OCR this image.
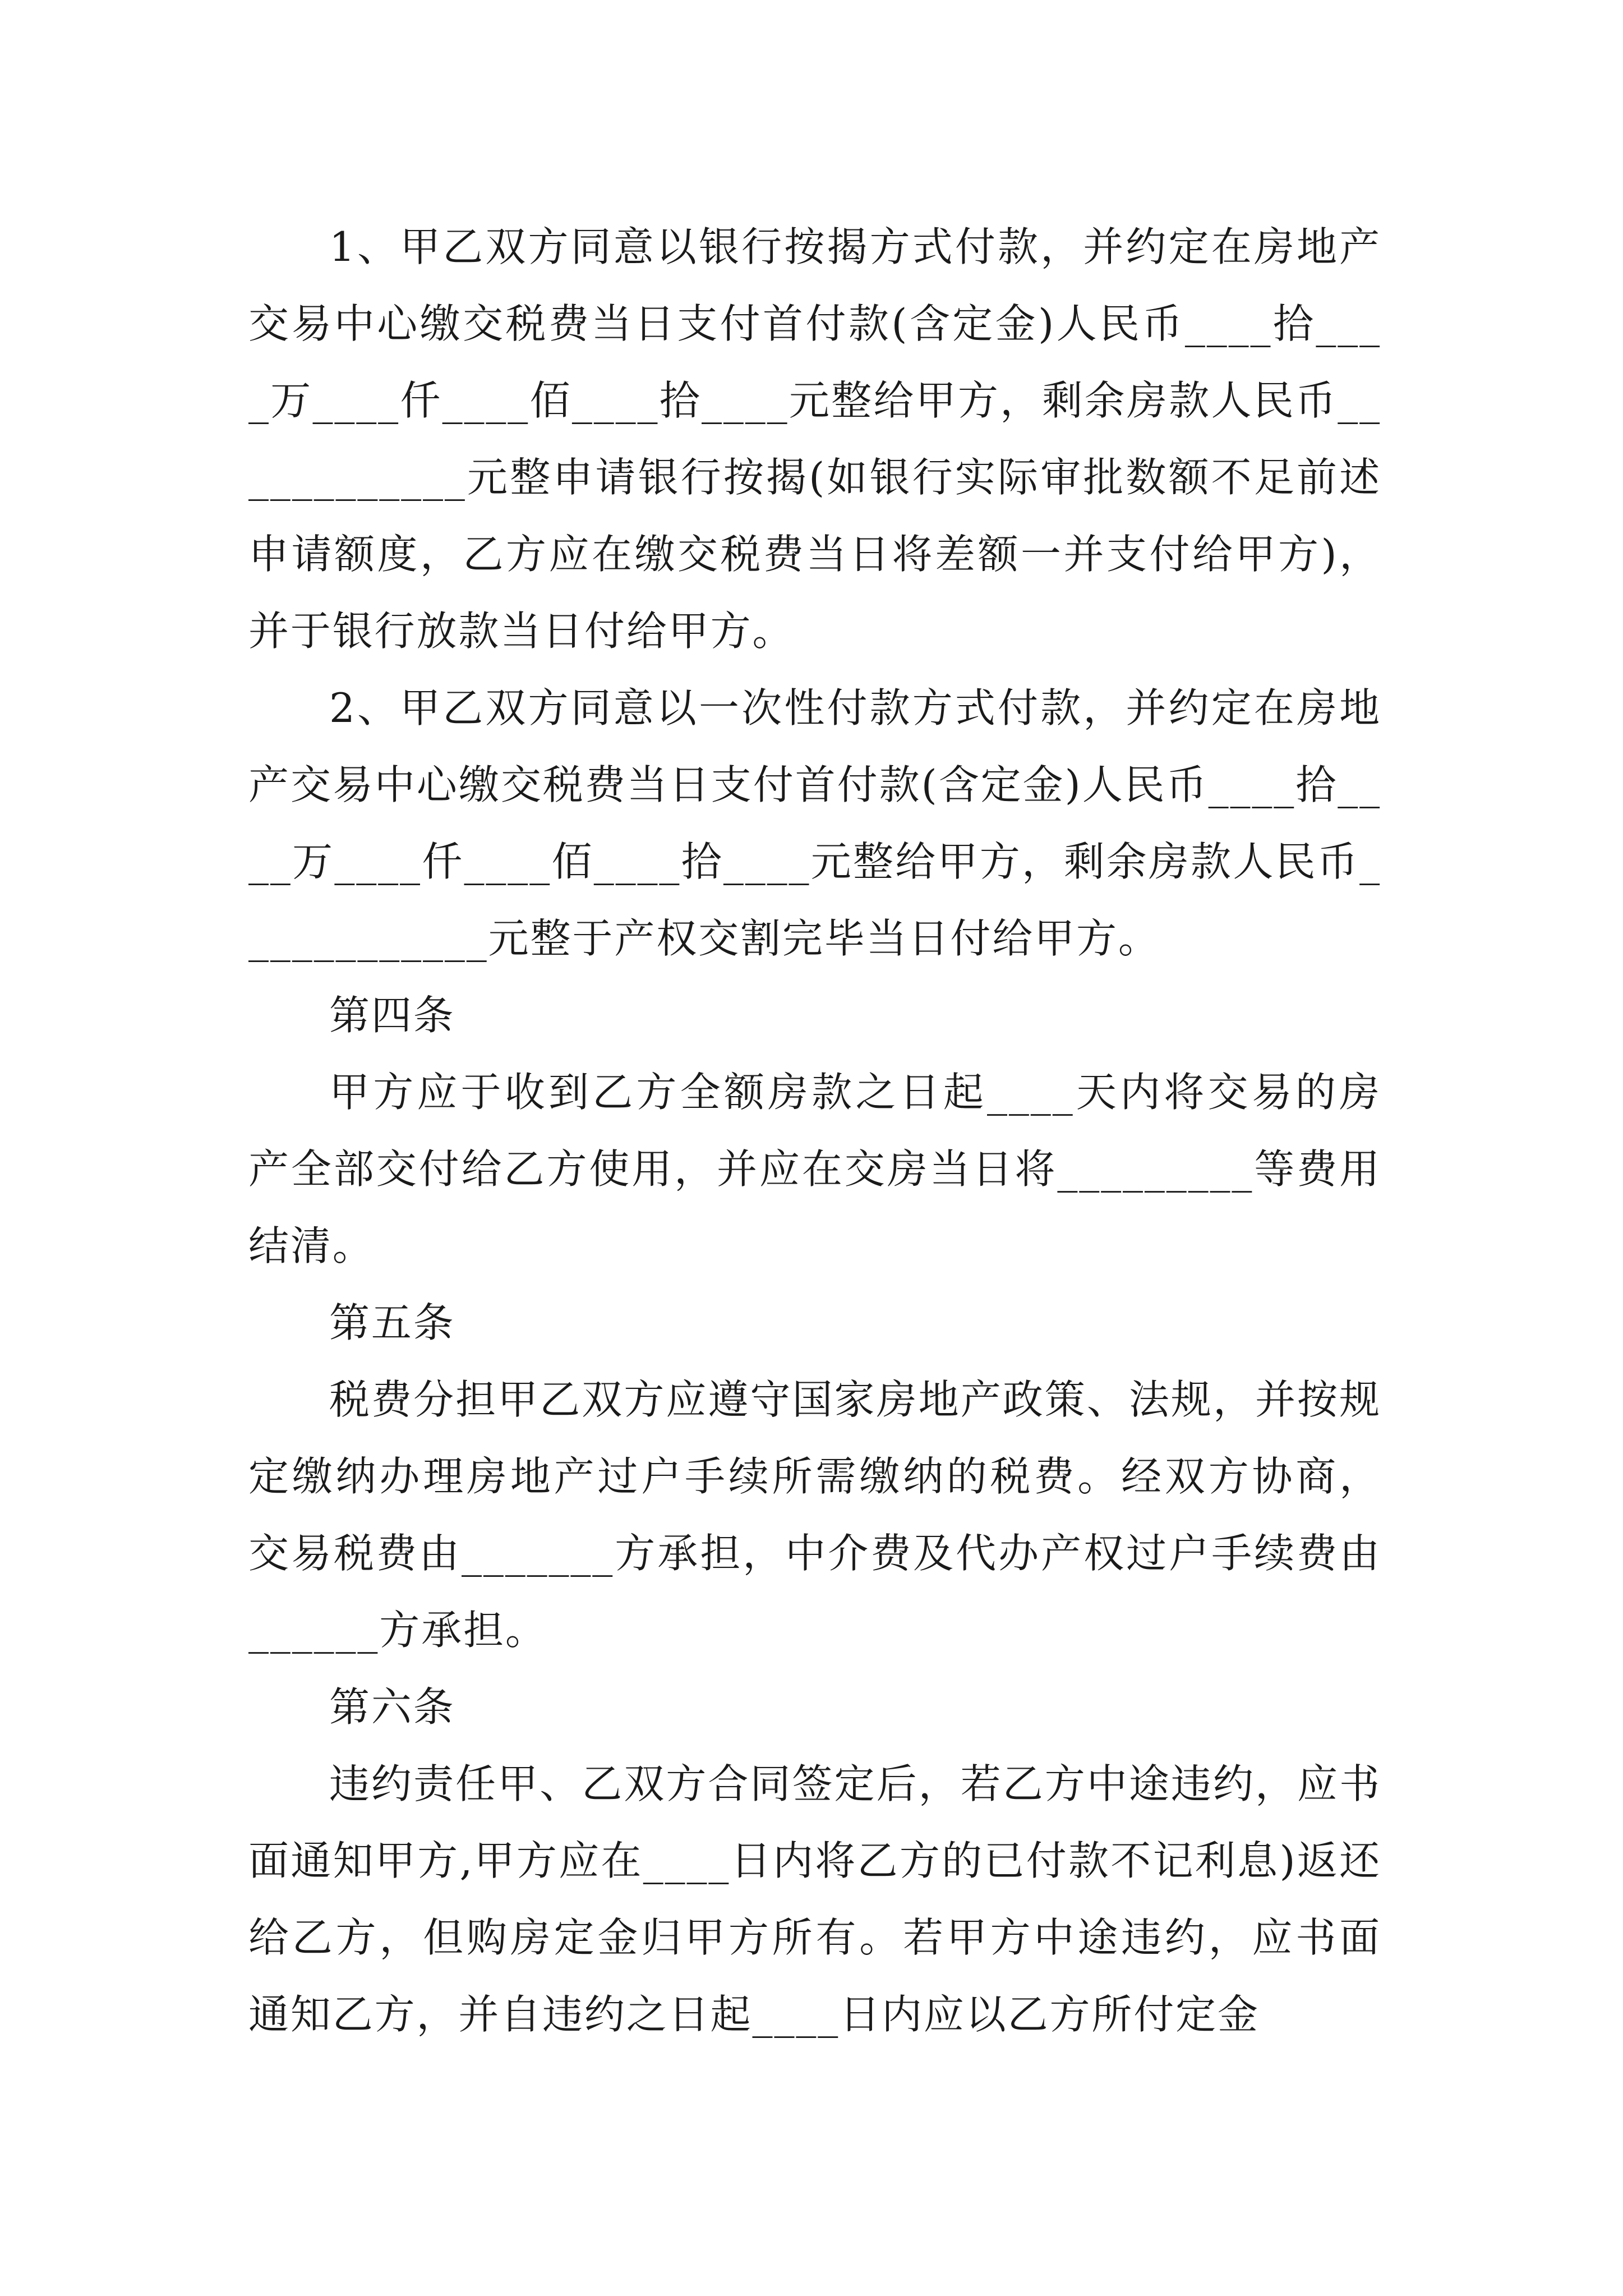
1、甲乙双方同意以银行按揭方式付款，并约定在房地产交易中心缴交税费当日支付首付款(含定金)人民币____拾____万____仟____佰____拾____元整给甲方，剩余房款人民币____________元整申请银行按揭(如银行实际审批数额不足前述申请额度，乙方应在缴交税费当日将差额一并支付给甲方)，并于银行放款当日付给甲方。

2、甲乙双方同意以一次性付款方式付款，并约定在房地产交易中心缴交税费当日支付首付款(含定金)人民币____拾____万____仟____佰____拾____元整给甲方，剩余房款人民币____________元整于产权交割完毕当日付给甲方。

第四条

甲方应于收到乙方全额房款之日起____天内将交易的房产全部交付给乙方使用，并应在交房当日将_________等费用结清。

第五条

税费分担甲乙双方应遵守国家房地产政策、法规，并按规定缴纳办理房地产过户手续所需缴纳的税费。经双方协商，交易税费由_______方承担，中介费及代办产权过户手续费由______方承担。

第六条

违约责任甲、乙双方合同签定后，若乙方中途违约，应书面通知甲方,甲方应在____日内将乙方的已付款不记利息)返还给乙方，但购房定金归甲方所有。若甲方中途违约，应书面通知乙方，并自违约之日起____日内应以乙方所付定金
